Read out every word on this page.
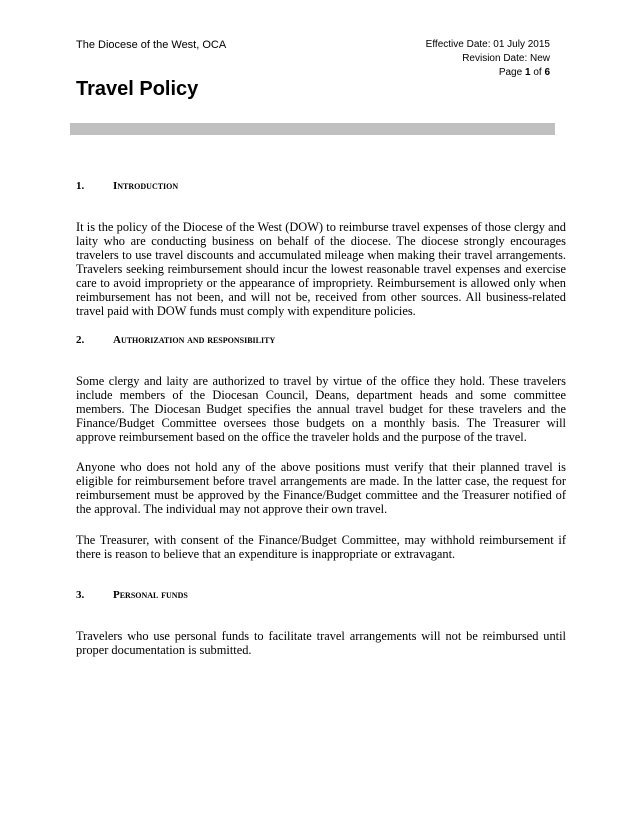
The Diocese of the West, OCA	Effective Date: 01 July 2015
Revision Date: New
Page 1 of 6
Travel Policy
1.	Introduction

It is the policy of the Diocese of the West (DOW) to reimburse travel expenses of those clergy and laity who are conducting business on behalf of the diocese. The diocese strongly encourages travelers to use travel discounts and accumulated mileage when making their travel arrangements. Travelers seeking reimbursement should incur the lowest reasonable travel expenses and exercise care to avoid impropriety or the appearance of impropriety. Reimbursement is allowed only when reimbursement has not been, and will not be, received from other sources. All business-related travel paid with DOW funds must comply with expenditure policies.

2.	Authorization and responsibility

Some clergy and laity are authorized to travel by virtue of the office they hold. These travelers include members of the Diocesan Council, Deans, department heads and some committee members. The Diocesan Budget specifies the annual travel budget for these travelers and the Finance/Budget Committee oversees those budgets on a monthly basis. The Treasurer will approve reimbursement based on the office the traveler holds and the purpose of the travel.

Anyone who does not hold any of the above positions must verify that their planned travel is eligible for reimbursement before travel arrangements are made. In the latter case, the request for reimbursement must be approved by the Finance/Budget committee and the Treasurer notified of the approval. The individual may not approve their own travel.

The Treasurer, with consent of the Finance/Budget Committee, may withhold reimbursement if there is reason to believe that an expenditure is inappropriate or extravagant.

3.	Personal funds

Travelers who use personal funds to facilitate travel arrangements will not be reimbursed until proper documentation is submitted.
